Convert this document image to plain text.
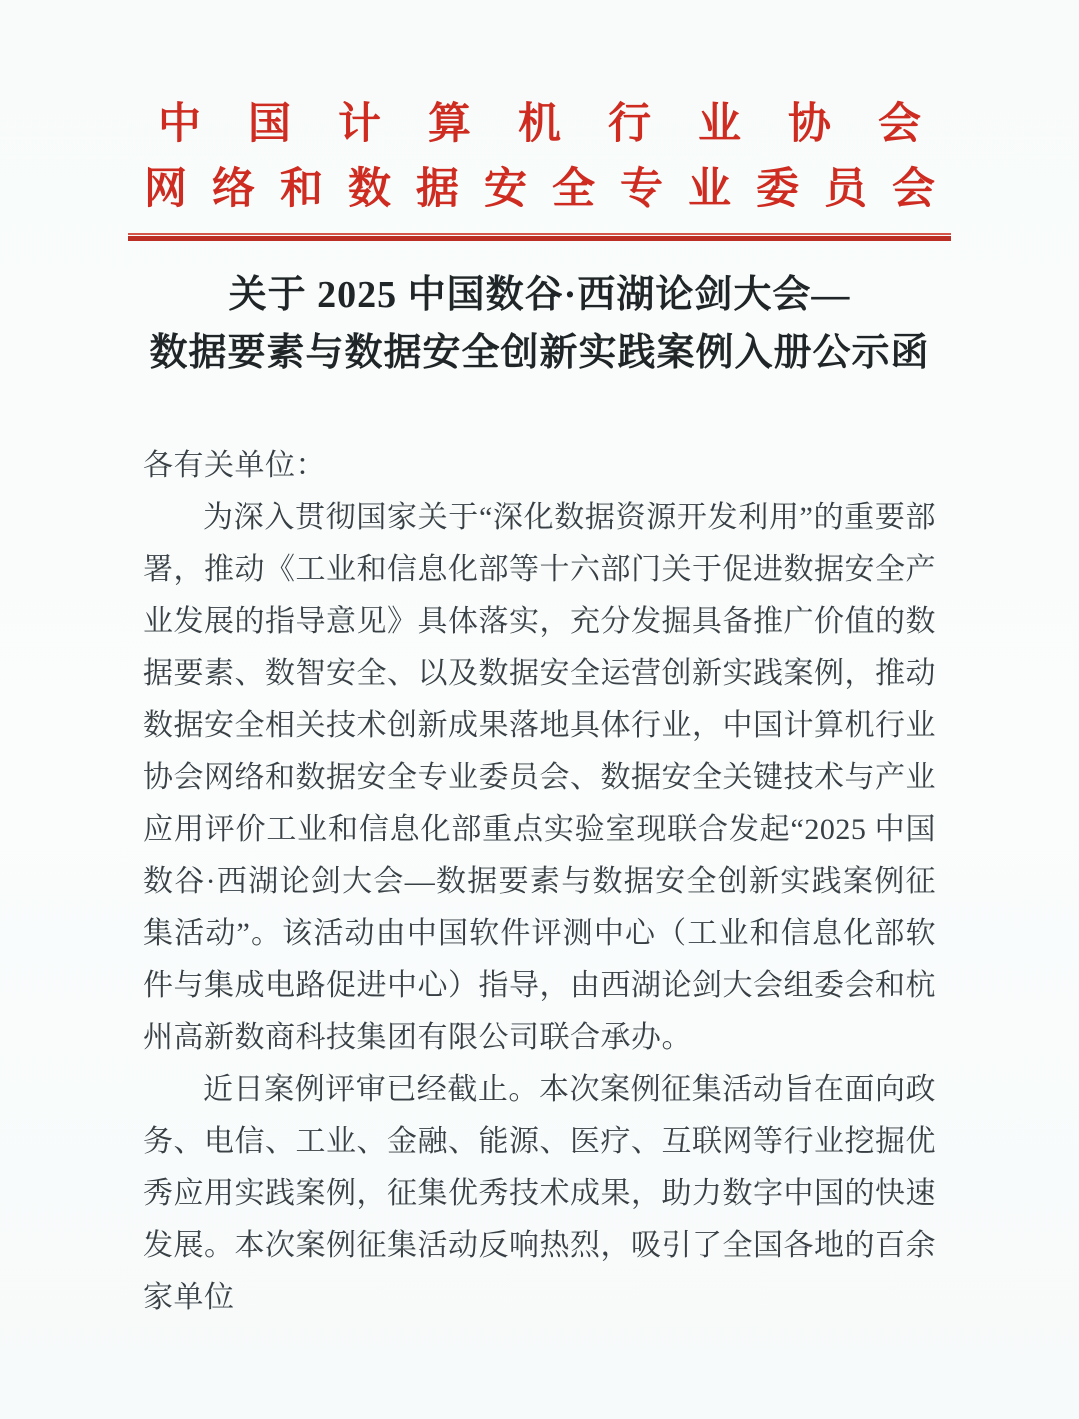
中国计算机行业协会
网络和数据安全专业委员会
关于 2025 中国数谷·西湖论剑大会—
数据要素与数据安全创新实践案例入册公示函

各有关单位：

为深入贯彻国家关于“深化数据资源开发利用”的重要部署，推动《工业和信息化部等十六部门关于促进数据安全产业发展的指导意见》具体落实，充分发掘具备推广价值的数据要素、数智安全、以及数据安全运营创新实践案例，推动数据安全相关技术创新成果落地具体行业，中国计算机行业协会网络和数据安全专业委员会、数据安全关键技术与产业应用评价工业和信息化部重点实验室现联合发起“2025 中国数谷·西湖论剑大会—数据要素与数据安全创新实践案例征集活动”。该活动由中国软件评测中心（工业和信息化部软件与集成电路促进中心）指导，由西湖论剑大会组委会和杭州高新数商科技集团有限公司联合承办。

近日案例评审已经截止。本次案例征集活动旨在面向政务、电信、工业、金融、能源、医疗、互联网等行业挖掘优秀应用实践案例，征集优秀技术成果，助力数字中国的快速发展。本次案例征集活动反响热烈，吸引了全国各地的百余家单位
